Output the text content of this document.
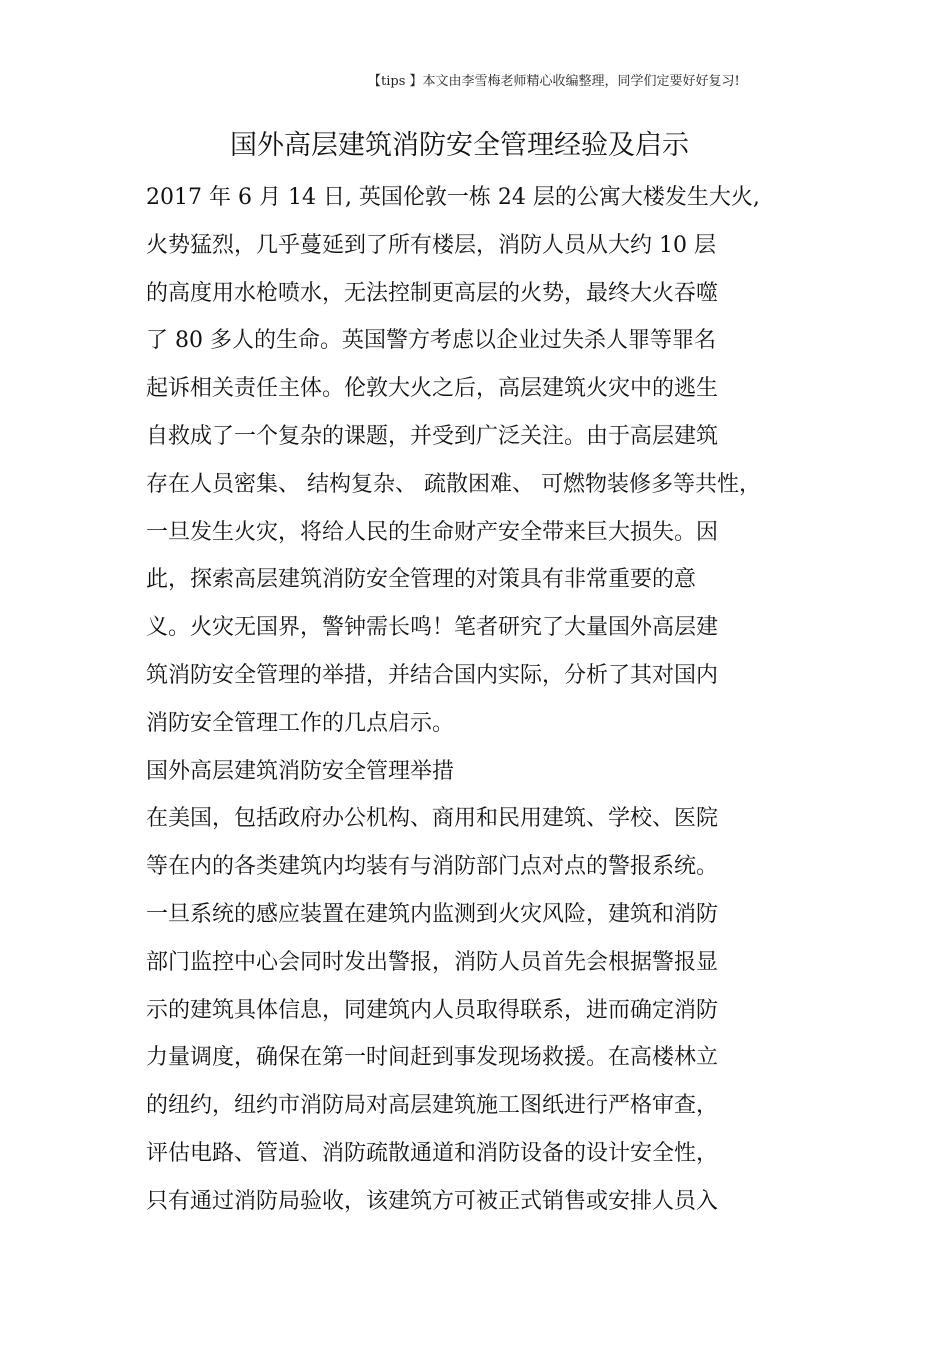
【tips 】本文由李雪梅老师精心收编整理，同学们定要好好复习!
国外高层建筑消防安全管理经验及启示
2017 年 6 月 14 日, 英国伦敦一栋 24 层的公寓大楼发生大火,
火势猛烈，几乎蔓延到了所有楼层，消防人员从大约 10 层
的高度用水枪喷水，无法控制更高层的火势，最终大火吞噬
了 80 多人的生命。英国警方考虑以企业过失杀人罪等罪名
起诉相关责任主体。伦敦大火之后，高层建筑火灾中的逃生
自救成了一个复杂的课题，并受到广泛关注。由于高层建筑
存在人员密集、 结构复杂、 疏散困难、 可燃物装修多等共性，
一旦发生火灾，将给人民的生命财产安全带来巨大损失。因
此，探索高层建筑消防安全管理的对策具有非常重要的意
义。火灾无国界，警钟需长鸣！笔者研究了大量国外高层建
筑消防安全管理的举措，并结合国内实际，分析了其对国内
消防安全管理工作的几点启示。
国外高层建筑消防安全管理举措
在美国，包括政府办公机构、商用和民用建筑、学校、医院
等在内的各类建筑内均装有与消防部门点对点的警报系统。
一旦系统的感应装置在建筑内监测到火灾风险，建筑和消防
部门监控中心会同时发出警报，消防人员首先会根据警报显
示的建筑具体信息，同建筑内人员取得联系，进而确定消防
力量调度，确保在第一时间赶到事发现场救援。在高楼林立
的纽约，纽约市消防局对高层建筑施工图纸进行严格审查，
评估电路、管道、消防疏散通道和消防设备的设计安全性，
只有通过消防局验收，该建筑方可被正式销售或安排人员入
